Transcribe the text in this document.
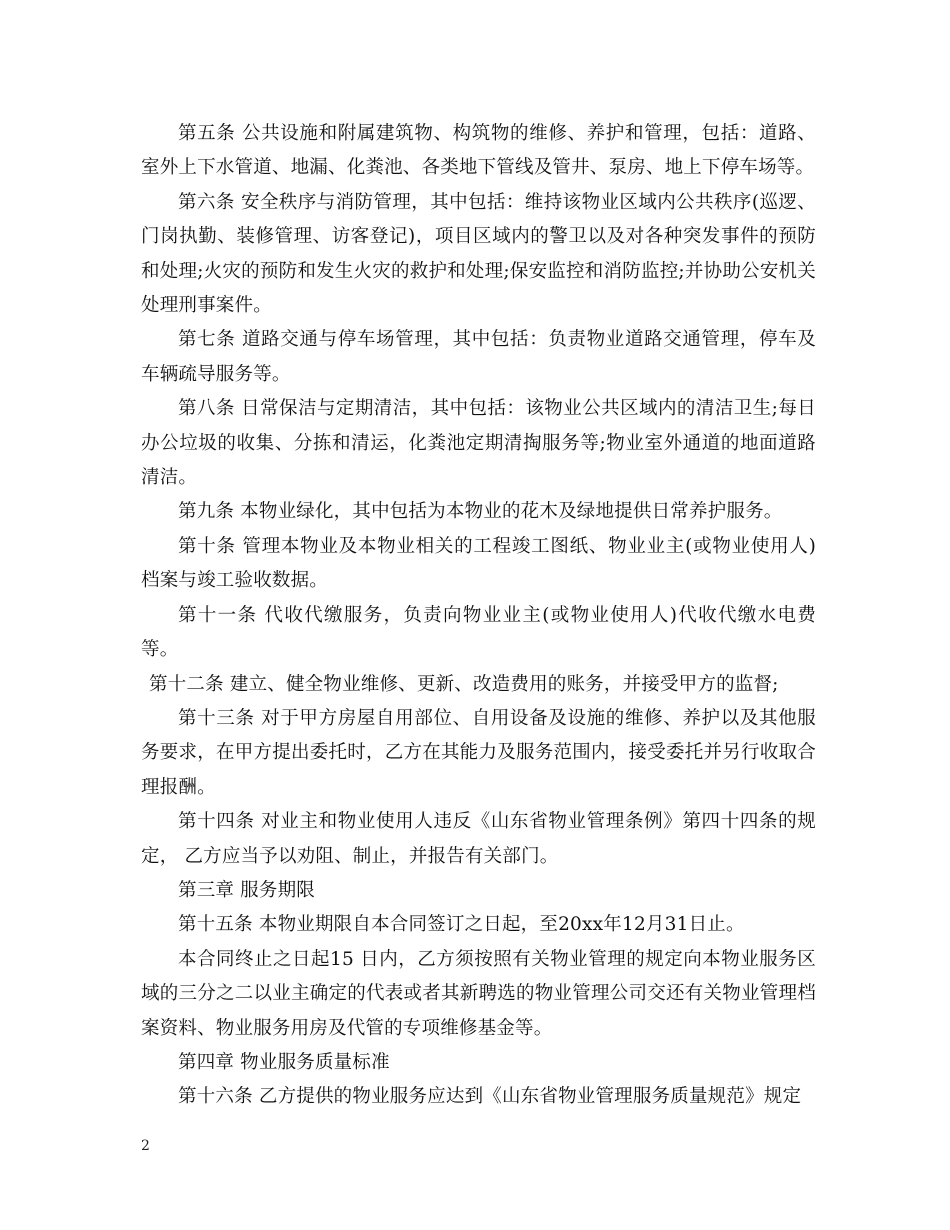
第五条 公共设施和附属建筑物、构筑物的维修、养护和管理，包括：道路、室外上下水管道、地漏、化粪池、各类地下管线及管井、泵房、地上下停车场等。

第六条 安全秩序与消防管理，其中包括：维持该物业区域内公共秩序(巡逻、门岗执勤、装修管理、访客登记)，项目区域内的警卫以及对各种突发事件的预防和处理;火灾的预防和发生火灾的救护和处理;保安监控和消防监控;并协助公安机关处理刑事案件。

第七条 道路交通与停车场管理，其中包括：负责物业道路交通管理，停车及车辆疏导服务等。

第八条 日常保洁与定期清洁，其中包括：该物业公共区域内的清洁卫生;每日办公垃圾的收集、分拣和清运，化粪池定期清掏服务等;物业室外通道的地面道路清洁。

第九条 本物业绿化，其中包括为本物业的花木及绿地提供日常养护服务。

第十条 管理本物业及本物业相关的工程竣工图纸、物业业主(或物业使用人)档案与竣工验收数据。

第十一条 代收代缴服务，负责向物业业主(或物业使用人)代收代缴水电费等。

第十二条 建立、健全物业维修、更新、改造费用的账务，并接受甲方的监督;

第十三条 对于甲方房屋自用部位、自用设备及设施的维修、养护以及其他服务要求，在甲方提出委托时，乙方在其能力及服务范围内，接受委托并另行收取合理报酬。

第十四条 对业主和物业使用人违反《山东省物业管理条例》第四十四条的规定， 乙方应当予以劝阻、制止，并报告有关部门。

第三章 服务期限

第十五条 本物业期限自本合同签订之日起，至20xx年12月31日止。

本合同终止之日起15 日内，乙方须按照有关物业管理的规定向本物业服务区域的三分之二以业主确定的代表或者其新聘选的物业管理公司交还有关物业管理档案资料、物业服务用房及代管的专项维修基金等。

第四章 物业服务质量标准

第十六条 乙方提供的物业服务应达到《山东省物业管理服务质量规范》规定

2
